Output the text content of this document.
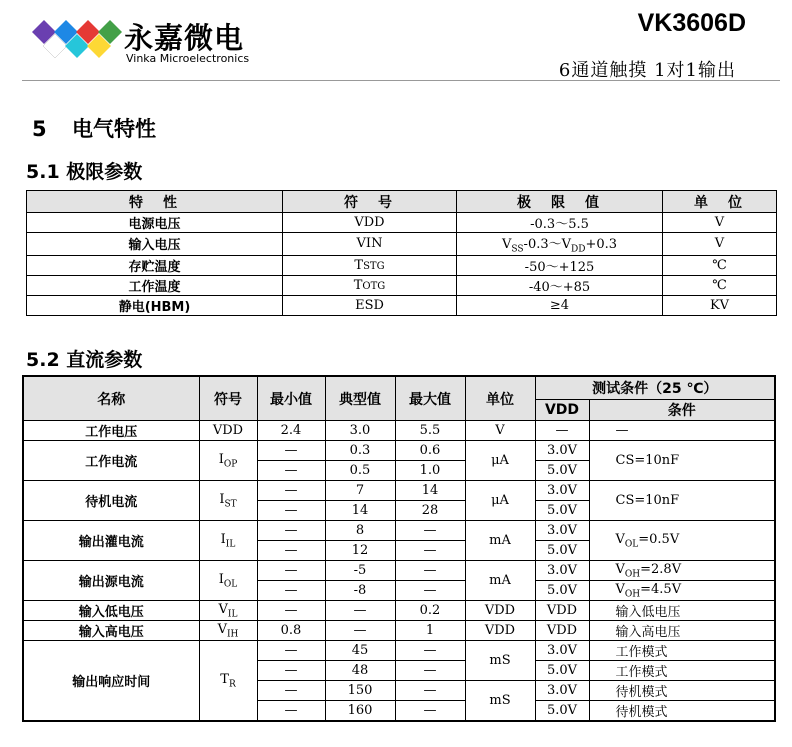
永嘉微电
Vinka Microelectronics
VK3606D
6通道触摸 1对1输出
5 电气特性
5.1 极限参数
特　性	符　号	极　限　值	单　位
电源电压	VDD	-0.3～5.5	V
输入电压	VIN	$V_{SS}-0.3\sim V_{DD}+0.3$	V
存贮温度	TSTG	-50～+125	℃
工作温度	TOTG	-40～+85	℃
静电(HBM)	ESD	≥4	KV
5.2 直流参数
名称	符号	最小值	典型值	最大值	单位	测试条件（25 ℃）	
						VDD	条件
工作电压	VDD	2.4	3.0	5.5	V	—	—
工作电流	$I_{OP}$	—	0.3	0.6	μA	3.0V	CS=10nF
		—	0.5	1.0		5.0V	
待机电流	$I_{ST}$	—	7	14	μA	3.0V	CS=10nF
		—	14	28		5.0V	
输出灌电流	$I_{IL}$	—	8	—	mA	3.0V	$V_{OL}=0.5V$
		—	12	—		5.0V	
输出源电流	$I_{OL}$	—	-5	—	mA	3.0V	$V_{OH}=2.8V$
		—	-8	—		5.0V	$V_{OH}=4.5V$
输入低电压	$V_{IL}$	—	—	0.2	VDD	VDD	输入低电压
输入高电压	$V_{IH}$	0.8	—	1	VDD	VDD	输入高电压
输出响应时间	$T_R$	—	45	—	mS	3.0V	工作模式
		—	48	—		5.0V	工作模式
		—	150	—	mS	3.0V	待机模式
		—	160	—		5.0V	待机模式
